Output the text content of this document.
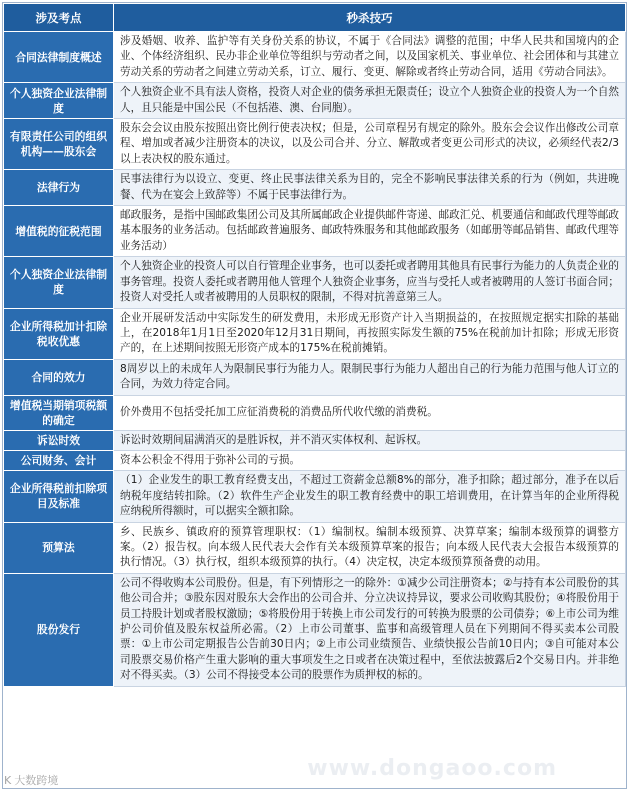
涉及考点	秒杀技巧
合同法律制度概述	涉及婚姻、收养、监护等有关身份关系的协议，不属于《合同法》调整的范围；中华人民共和国境内的企业、个体经济组织、民办非企业单位等组织与劳动者之间，以及国家机关、事业单位、社会团体和与其建立劳动关系的劳动者之间建立劳动关系，订立、履行、变更、解除或者终止劳动合同，适用《劳动合同法》。
个人独资企业法律制度	个人独资企业不具有法人资格，投资人对企业的债务承担无限责任；设立个人独资企业的投资人为一个自然人，且只能是中国公民（不包括港、澳、台同胞）。
有限责任公司的组织机构——股东会	股东会会议由股东按照出资比例行使表决权；但是，公司章程另有规定的除外。股东会会议作出修改公司章程、增加或者减少注册资本的决议，以及公司合并、分立、解散或者变更公司形式的决议，必须经代表2/3以上表决权的股东通过。
法律行为	民事法律行为以设立、变更、终止民事法律关系为目的，完全不影响民事法律关系的行为（例如，共进晚餐、代为在宴会上致辞等）不属于民事法律行为。
增值税的征税范围	邮政服务，是指中国邮政集团公司及其所属邮政企业提供邮件寄递、邮政汇兑、机要通信和邮政代理等邮政基本服务的业务活动。包括邮政普遍服务、邮政特殊服务和其他邮政服务（如邮册等邮品销售、邮政代理等业务活动）
个人独资企业法律制度	个人独资企业的投资人可以自行管理企业事务，也可以委托或者聘用其他具有民事行为能力的人负责企业的事务管理。投资人委托或者聘用他人管理个人独资企业事务，应当与受托人或者被聘用的人签订书面合同；投资人对受托人或者被聘用的人员职权的限制，不得对抗善意第三人。
企业所得税加计扣除税收优惠	企业开展研发活动中实际发生的研发费用，未形成无形资产计入当期损益的，在按照规定据实扣除的基础上，在2018年1月1日至2020年12月31日期间，再按照实际发生额的75%在税前加计扣除；形成无形资产的，在上述期间按照无形资产成本的175%在税前摊销。
合同的效力	8周岁以上的未成年人为限制民事行为能力人。限制民事行为能力人超出自己的行为能力范围与他人订立的合同，为效力待定合同。
增值税当期销项税额的确定	价外费用不包括受托加工应征消费税的消费品所代收代缴的消费税。
诉讼时效	诉讼时效期间届满消灭的是胜诉权，并不消灭实体权利、起诉权。
公司财务、会计	资本公积金不得用于弥补公司的亏损。
企业所得税前扣除项目及标准	（1）企业发生的职工教育经费支出，不超过工资薪金总额8%的部分，准予扣除；超过部分，准予在以后纳税年度结转扣除。（2）软件生产企业发生的职工教育经费中的职工培训费用，在计算当年的企业所得税应纳税所得额时，可以据实全额扣除。
预算法	乡、民族乡、镇政府的预算管理职权：（1）编制权。编制本级预算、决算草案；编制本级预算的调整方案。（2）报告权。向本级人民代表大会作有关本级预算草案的报告；向本级人民代表大会报告本级预算的执行情况。（3）执行权，组织本级预算的执行。（4）决定权，决定本级预算预备费的动用。
股份发行	公司不得收购本公司股份。但是，有下列情形之一的除外：①减少公司注册资本；②与持有本公司股份的其他公司合并；③股东因对股东大会作出的公司合并、分立决议持异议，要求公司收购其股份；④将股份用于员工持股计划或者股权激励；⑤将股份用于转换上市公司发行的可转换为股票的公司债券；⑥上市公司为维护公司价值及股东权益所必需。（2）上市公司董事、监事和高级管理人员在下列期间不得买卖本公司股票：①上市公司定期报告公告前30日内；②上市公司业绩预告、业绩快报公告前10日内；③自可能对本公司股票交易价格产生重大影响的重大事项发生之日或者在决策过程中，至依法披露后2个交易日内。并非绝对不得买卖。（3）公司不得接受本公司的股票作为质押权的标的。
www.dongaoo.com
K 大数跨境
